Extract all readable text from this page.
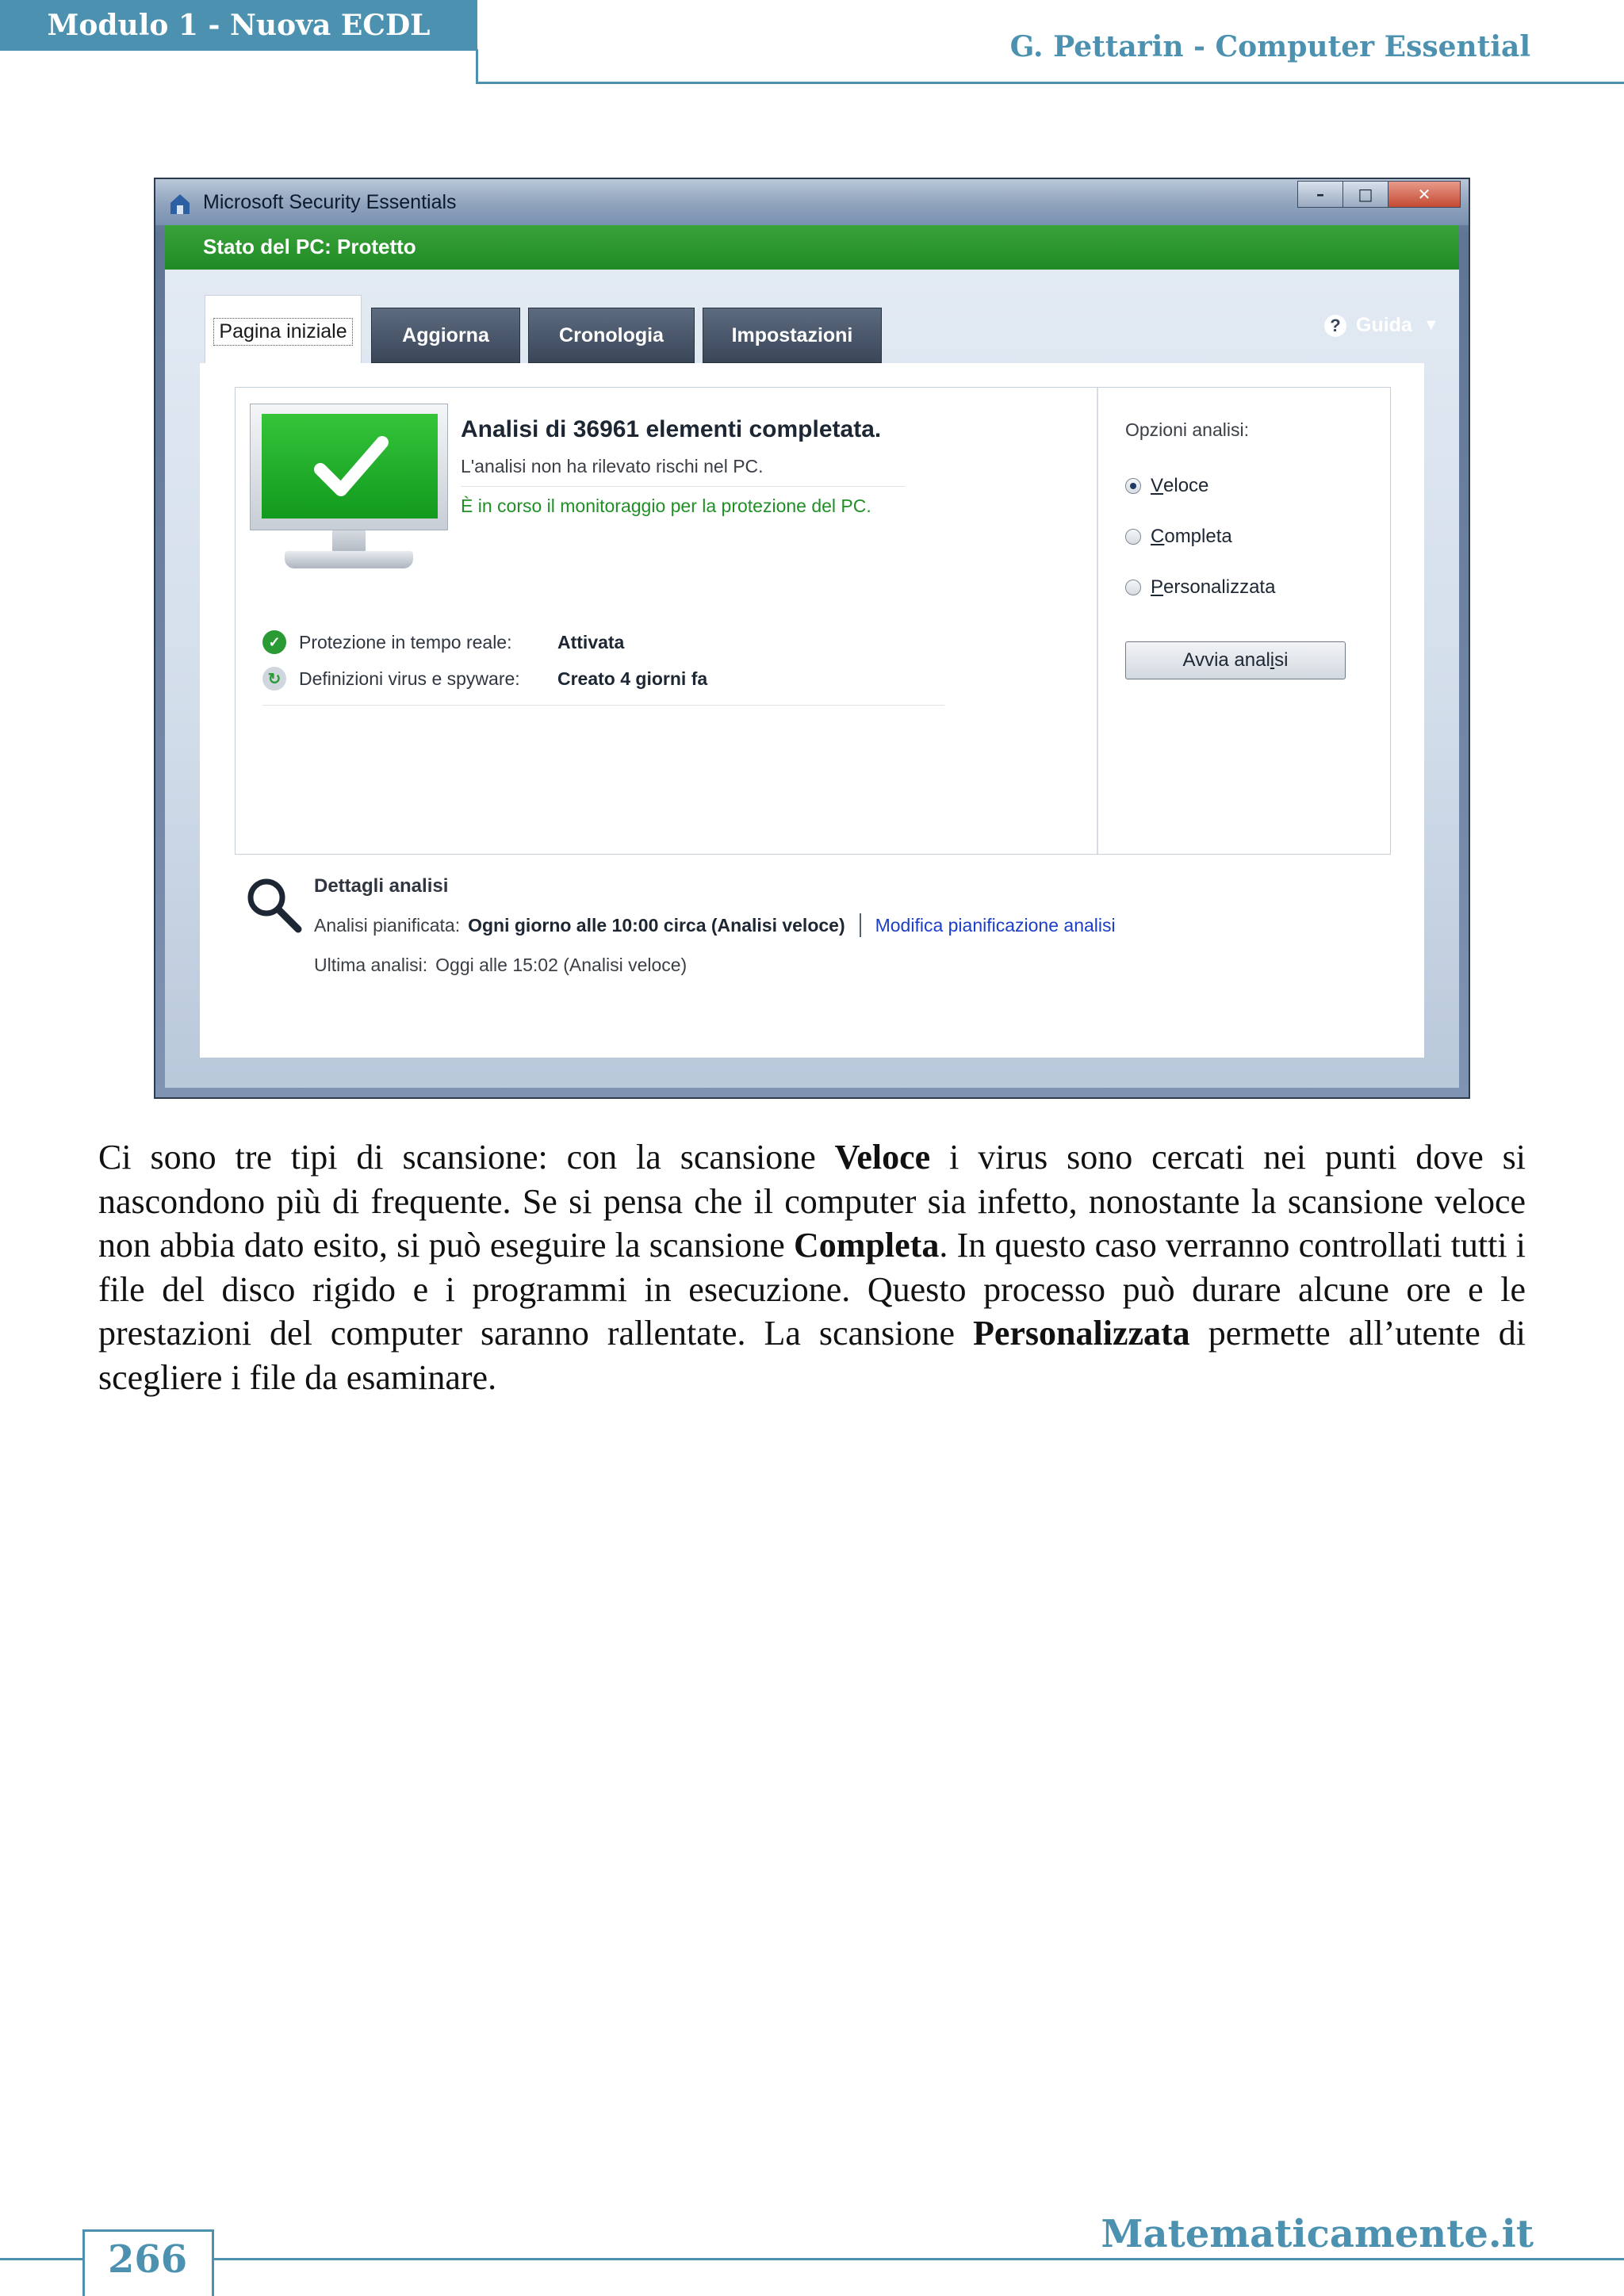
Modulo 1 - Nuova ECDL
G. Pettarin - Computer Essential
Microsoft Security Essentials	–	□	✕
Stato del PC: Protetto
Pagina iniziale	Aggiorna	Cronologia	Impostazioni	? Guida ▼
Analisi di 36961 elementi completata.
L'analisi non ha rilevato rischi nel PC.
È in corso il monitoraggio per la protezione del PC.
✓	Protezione in tempo reale:	Attivata
↻ Definizioni virus e spyware:	Creato 4 giorni fa
Opzioni analisi:
V eloce
C ompleta
P ersonalizzata
Avvia anal i si
Dettagli analisi
Analisi pianificata: Ogni giorno alle 10:00 circa (Analisi veloce) Modifica pianificazione analisi
Ultima analisi: Oggi alle 15:02 (Analisi veloce)

Ci sono tre tipi di scansione: con la scansione Veloce i virus sono cercati nei punti dove si nascondono più di frequente. Se si pensa che il computer sia infetto, nonostante la scansione veloce non abbia dato esito, si può eseguire la scansione Completa. In questo caso verranno controllati tutti i file del disco rigido e i programmi in esecuzione. Questo processo può durare alcune ore e le prestazioni del computer saranno rallentate. La scansione Personalizzata permette all’utente di scegliere i file da esaminare.

266
Matematicamente.it
